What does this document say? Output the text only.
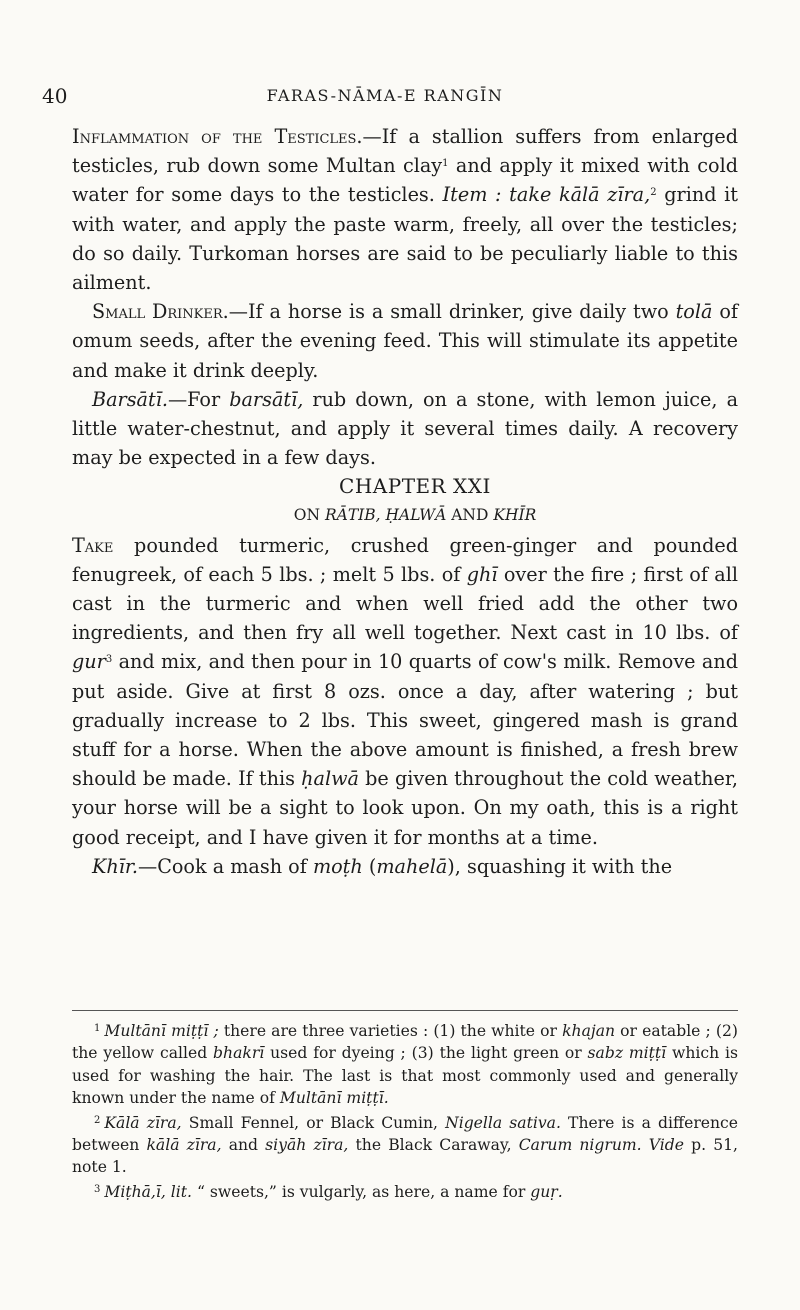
40	FARAS-NĀMA-E RANGĪN

Inflammation of the Testicles.—If a stallion suffers from enlarged testicles, rub down some Multan clay$^1$ and apply it mixed with cold water for some days to the testicles. Item : take kālā zīra,$^2$ grind it with water, and apply the paste warm, freely, all over the testicles; do so daily. Turkoman horses are said to be peculiarly liable to this ailment.

Small Drinker.—If a horse is a small drinker, give daily two tolā of omum seeds, after the evening feed. This will stimulate its appetite and make it drink deeply.

Barsātī.—For barsātī, rub down, on a stone, with lemon juice, a little water-chestnut, and apply it several times daily. A recovery may be expected in a few days.

CHAPTER XXI

ON RĀTIB, ḤALWĀ AND KHĪR

Take pounded turmeric, crushed green-ginger and pounded fenugreek, of each 5 lbs. ; melt 5 lbs. of ghī over the fire ; first of all cast in the turmeric and when well fried add the other two ingredients, and then fry all well together. Next cast in 10 lbs. of gur$^3$ and mix, and then pour in 10 quarts of cow's milk. Remove and put aside. Give at first 8 ozs. once a day, after watering ; but gradually increase to 2 lbs. This sweet, gingered mash is grand stuff for a horse. When the above amount is finished, a fresh brew should be made. If this ḥalwā be given throughout the cold weather, your horse will be a sight to look upon. On my oath, this is a right good receipt, and I have given it for months at a time.

Khīr.—Cook a mash of moṭh (mahelā), squashing it with the

$^1$ Multānī miṭṭī ; there are three varieties : (1) the white or khajan or eatable ; (2) the yellow called bhakrī used for dyeing ; (3) the light green or sabz miṭṭī which is used for washing the hair. The last is that most commonly used and generally known under the name of Multānī miṭṭī.

$^2$ Kālā zīra, Small Fennel, or Black Cumin, Nigella sativa. There is a difference between kālā zīra, and siyāh zīra, the Black Caraway, Carum nigrum. Vide p. 51, note 1.

$^3$ Miṭhā,ī, lit. “ sweets,” is vulgarly, as here, a name for guṛ.
